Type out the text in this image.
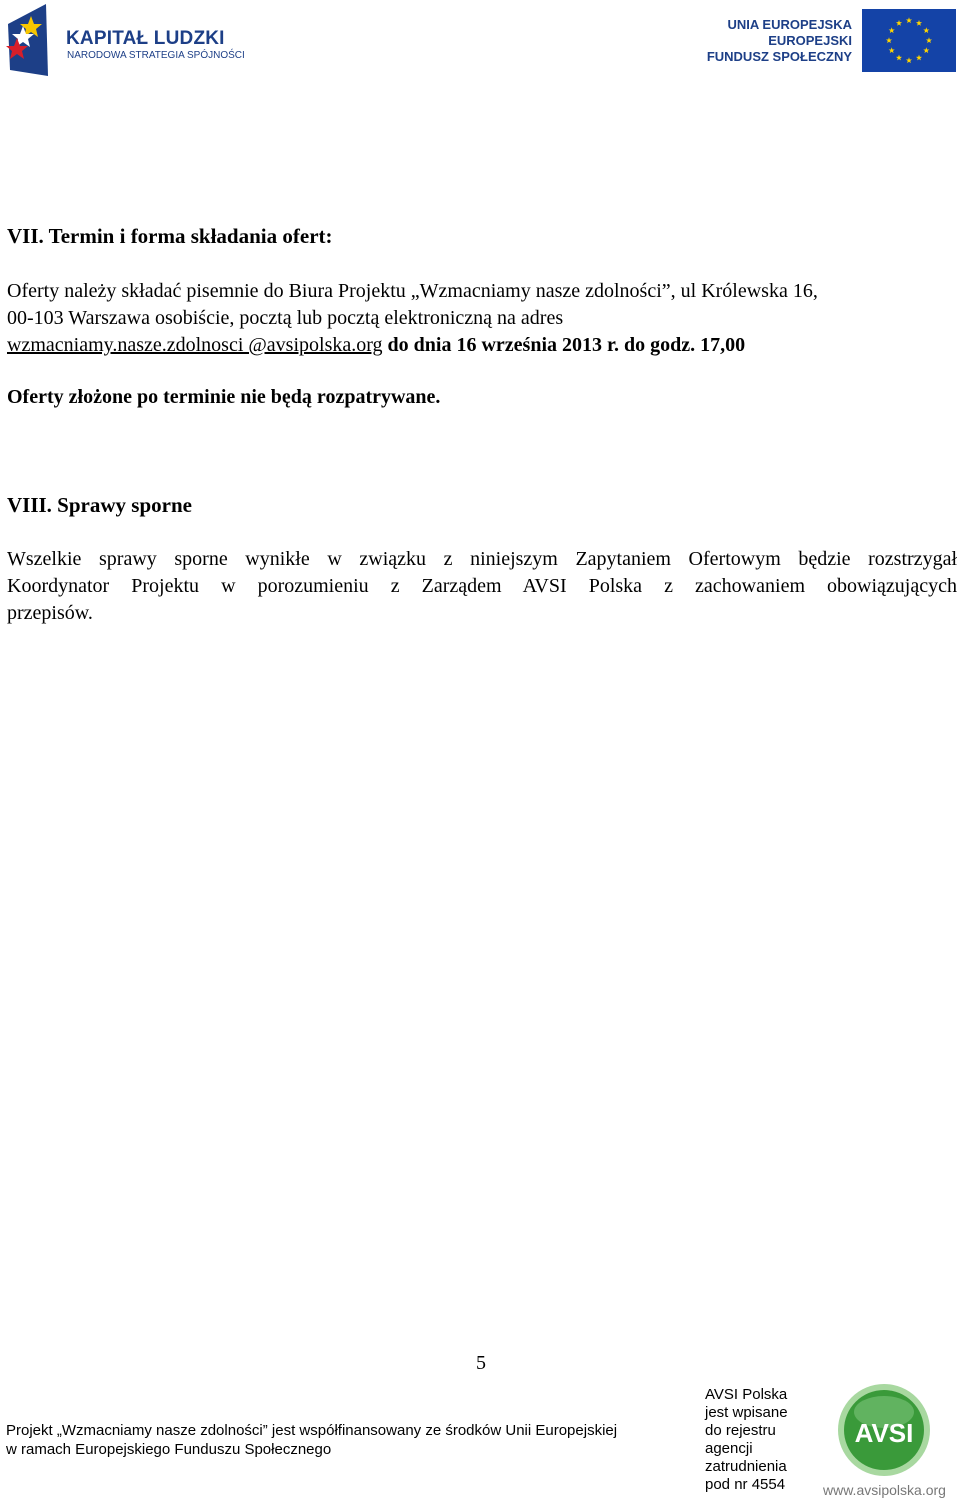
KAPITAŁ LUDZKI
NARODOWA STRATEGIA SPÓJNOŚCI
UNIA EUROPEJSKA
EUROPEJSKI
FUNDUSZ SPOŁECZNY
VII. Termin i forma składania ofert:
Oferty należy składać pisemnie do Biura Projektu „Wzmacniamy nasze zdolności”, ul Królewska 16,
00-103 Warszawa osobiście, pocztą lub pocztą elektroniczną na adres
wzmacniamy.nasze.zdolnosci @avsipolska.org do dnia 16 września 2013 r. do godz. 17,00
Oferty złożone po terminie nie będą rozpatrywane.
VIII. Sprawy sporne
Wszelkie sprawy sporne wynikłe w związku z niniejszym Zapytaniem Ofertowym będzie rozstrzygał
Koordynator Projektu w porozumieniu z Zarządem AVSI Polska z zachowaniem obowiązujących
przepisów.
5
Projekt „Wzmacniamy nasze zdolności” jest współfinansowany ze środków Unii Europejskiej
w ramach Europejskiego Funduszu Społecznego
AVSI Polska
jest wpisane
do rejestru
agencji
zatrudnienia
pod nr 4554
AVSI
www.avsipolska.org
